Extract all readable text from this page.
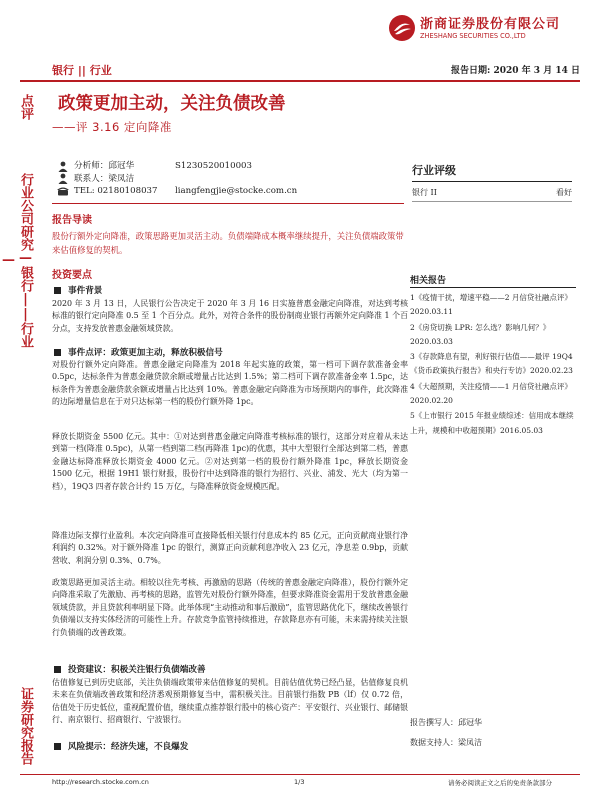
浙商证券股份有限公司
ZHESHANG SECURITIES CO.,LTD
银行 || 行业	报告日期: 2020 年 3 月 14 日
点评
行业公司研究—银行||行业—
证券研究报告
政策更加主动，关注负债改善
——评 3.16 定向降准
分析师： 邱冠华	S1230520010003
联系人： 梁凤洁
TEL:
02180108037 liangfengjie@stocke.com.cn
报告导读
股份行额外定向降准，政策思路更加灵活主动。负债端降成本概率继续提升，关注负债端政策带来估值修复的契机。
投资要点
事件背景
2020 年 3 月 13 日，人民银行公告决定于 2020 年 3 月 16 日实施普惠金融定向降准，对达到考核标准的银行定向降准 0.5 至 1 个百分点。此外，对符合条件的股份制商业银行再额外定向降准 1 个百分点，支持发放普惠金融领域贷款。
事件点评：政策更加主动，释放积极信号
对股份行额外定向降准。普惠金融定向降准为 2018 年起实施的政策，第一档可下调存款准备金率 0.5pc，达标条件为普惠金融贷款余额或增量占比达到 1.5%；第二档可下调存款准备金率 1.5pc，达标条件为普惠金融贷款余额或增量占比达到 10%。普惠金融定向降准为市场预期内的事件，此次降准的边际增量信息在于对只达标第一档的股份行额外降 1pc。
释放长期资金 5500 亿元。其中：①对达到普惠金融定向降准考核标准的银行，这部分对应着从未达到第一档(降准 0.5pc)，从第一档到第二档(再降准 1pc)的优惠，其中大型银行全部达到第二档，普惠金融达标降准释放长期资金 4000 亿元。②对达到第一档的股份行额外降准 1pc，释放长期资金 1500 亿元，根据 19H1 银行财报，股份行中达到降准的银行为招行、兴业、浦发、光大（均为第一档），19Q3 四者存款合计约 15 万亿，与降准释放资金规模匹配。
降准边际支撑行业盈利。本次定向降准可直接降低相关银行付息成本约 85 亿元，正向贡献商业银行净利润约 0.32%。对于额外降准 1pc 的银行，测算正向贡献利息净收入 23 亿元，净息差 0.9bp，贡献营收、利润分别 0.3%、0.7%。
政策思路更加灵活主动。相较以往先考核、再激励的思路（传统的普惠金融定向降准），股份行额外定向降准采取了先激励、再考核的思路，监管先对股份行额外降准，但要求降准资金需用于发放普惠金融领域贷款，并且贷款利率明显下降。此举体现“主动推动和事后激励”，监管思路优化下，继续改善银行负债端以支持实体经济的可能性上升。存款竞争监管持续推进，存款降息亦有可能，未来需持续关注银行负债端的改善政策。
投资建议：积极关注银行负债端改善
估值修复已到历史底部，关注负债端政策带来估值修复的契机。目前估值优势已经凸显，估值修复良机未来在负债端改善政策和经济悉观预期修复当中，需积极关注。目前银行指数 PB（lf）仅 0.72 倍，估值处于历史低位，重视配置价值，继续重点推荐银行股中的核心资产：平安银行、兴业银行、邮储银行、南京银行、招商银行、宁波银行。
风险提示：经济失速，不良爆发
行业评级
银行 II	看好
相关报告
1《疫情干扰，增速平稳——2 月信贷社融点评》2020.03.11
2《房贷切换 LPR: 怎么选？影响几何？》2020.03.03
3《存款降息有望，利好银行估值——最评 19Q4《货币政策执行报告》和央行专访》2020.02.23
4《大超预期，关注疫情——1 月信贷社融点评》2020.02.20
5《上市银行 2015 年报业绩综述：信用成本继续上升，规模和中收超预期》2016.05.03
报告撰写人：邱冠华
数据支持人：梁凤洁
http://research.stocke.com.cn	1/3	请务必阅读正文之后的免责条款部分
